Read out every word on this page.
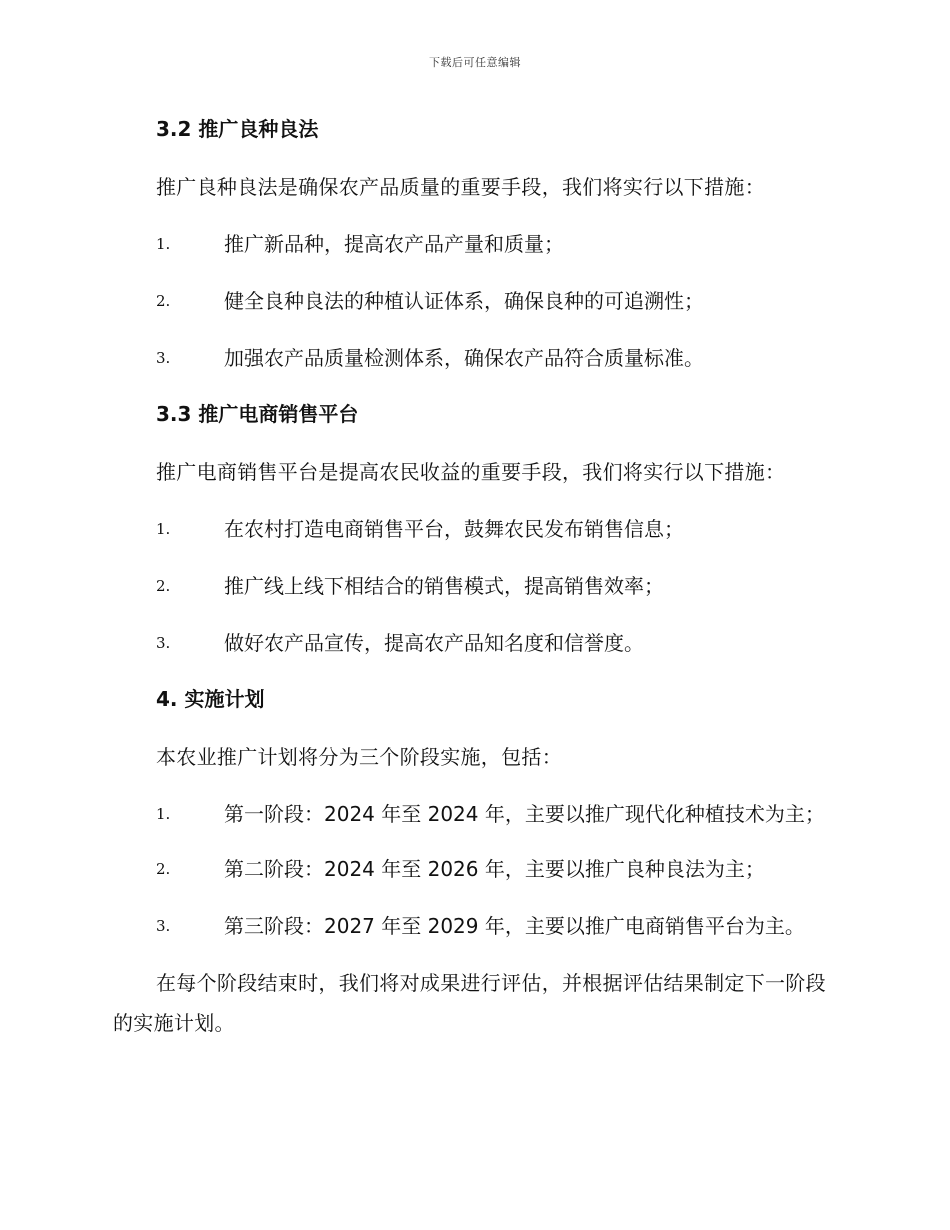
下载后可任意编辑
3.2 推广良种良法
推广良种良法是确保农产品质量的重要手段，我们将实行以下措施：
1.	推广新品种，提高农产品产量和质量；
2.	健全良种良法的种植认证体系，确保良种的可追溯性；
3.	加强农产品质量检测体系，确保农产品符合质量标准。
3.3 推广电商销售平台
推广电商销售平台是提高农民收益的重要手段，我们将实行以下措施：
1.	在农村打造电商销售平台，鼓舞农民发布销售信息；
2.	推广线上线下相结合的销售模式，提高销售效率；
3.	做好农产品宣传，提高农产品知名度和信誉度。
4. 实施计划
本农业推广计划将分为三个阶段实施，包括：
1.	第一阶段：2024 年至 2024 年，主要以推广现代化种植技术为主；
2.	第二阶段：2024 年至 2026 年，主要以推广良种良法为主；
3.	第三阶段：2027 年至 2029 年，主要以推广电商销售平台为主。
在每个阶段结束时，我们将对成果进行评估，并根据评估结果制定下一阶段的实施计划。
